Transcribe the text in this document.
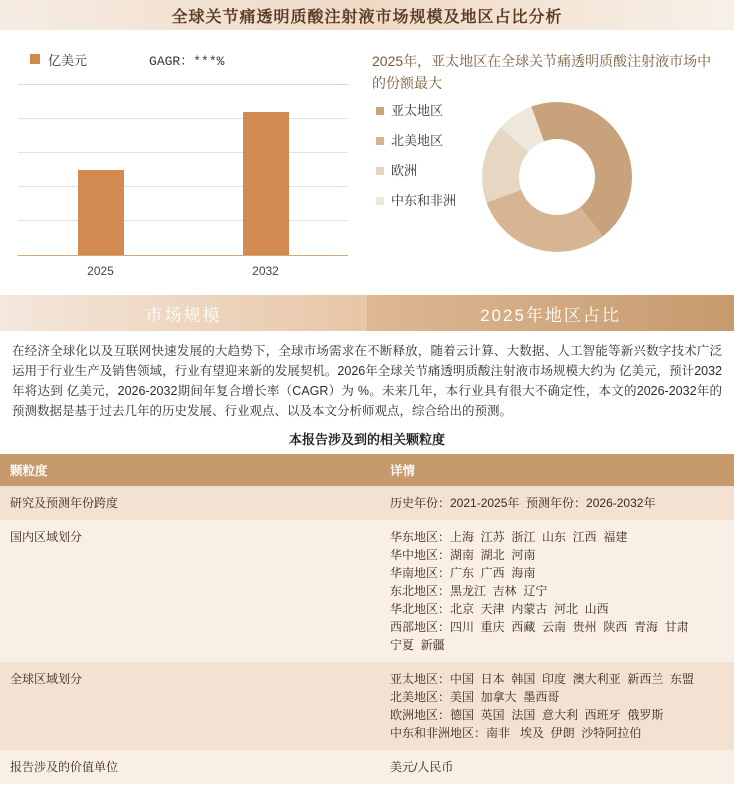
全球关节痛透明质酸注射液市场规模及地区占比分析
亿美元	GAGR：***%
2025	2032
2025年，亚太地区在全球关节痛透明质酸注射液市场中的份额最大
亚太地区
北美地区
欧洲
中东和非洲
市场规模	2025年地区占比
在经济全球化以及互联网快速发展的大趋势下，全球市场需求在不断释放，随着云计算、大数据、人工智能等新兴数字技术广泛运用于行业生产及销售领域，行业有望迎来新的发展契机。2026年全球关节痛透明质酸注射液市场规模大约为 亿美元，预计2032年将达到 亿美元，2026-2032期间年复合增长率（CAGR）为 %。未来几年，本行业具有很大不确定性，本文的2026-2032年的预测数据是基于过去几年的历史发展、行业观点、以及本文分析师观点，综合给出的预测。
本报告涉及到的相关颗粒度
颗粒度	详情
研究及预测年份跨度	历史年份：2021-2025年  预测年份：2026-2032年

国内区域划分	华东地区：上海  江苏  浙江  山东  江西  福建
华中地区：湖南  湖北  河南
华南地区：广东  广西  海南
东北地区：黑龙江  吉林  辽宁
华北地区：北京  天津  内蒙古  河北  山西
西部地区：四川  重庆  西藏  云南  贵州  陕西  青海  甘肃
宁夏  新疆

全球区域划分	亚太地区：中国  日本  韩国  印度  澳大利亚  新西兰  东盟
北美地区：美国  加拿大  墨西哥
欧洲地区：德国  英国  法国  意大利  西班牙  俄罗斯
中东和非洲地区：南非   埃及  伊朗  沙特阿拉伯

报告涉及的价值单位	美元/人民币
